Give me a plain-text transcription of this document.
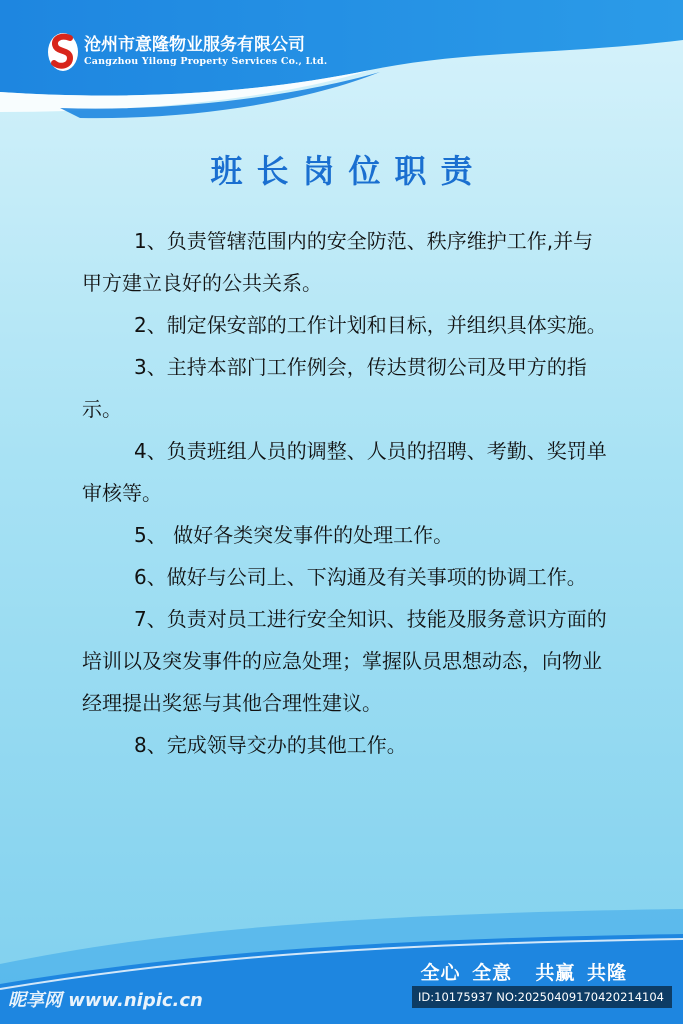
沧州市意隆物业服务有限公司
Cangzhou Yilong Property Services Co., Ltd.
班长岗位职责

1、负责管辖范围内的安全防范、秩序维护工作,并与甲方建立良好的公共关系。

2、制定保安部的工作计划和目标，并组织具体实施。

3、主持本部门工作例会，传达贯彻公司及甲方的指示。

4、负责班组人员的调整、人员的招聘、考勤、奖罚单审核等。

5、 做好各类突发事件的处理工作。

6、做好与公司上、下沟通及有关事项的协调工作。

7、负责对员工进行安全知识、技能及服务意识方面的培训以及突发事件的应急处理；掌握队员思想动态，向物业经理提出奖惩与其他合理性建议。

8、完成领导交办的其他工作。

全心 全意  共赢 共隆
昵享网 www.nipic.cn	ID:10175937 NO:20250409170420214104
